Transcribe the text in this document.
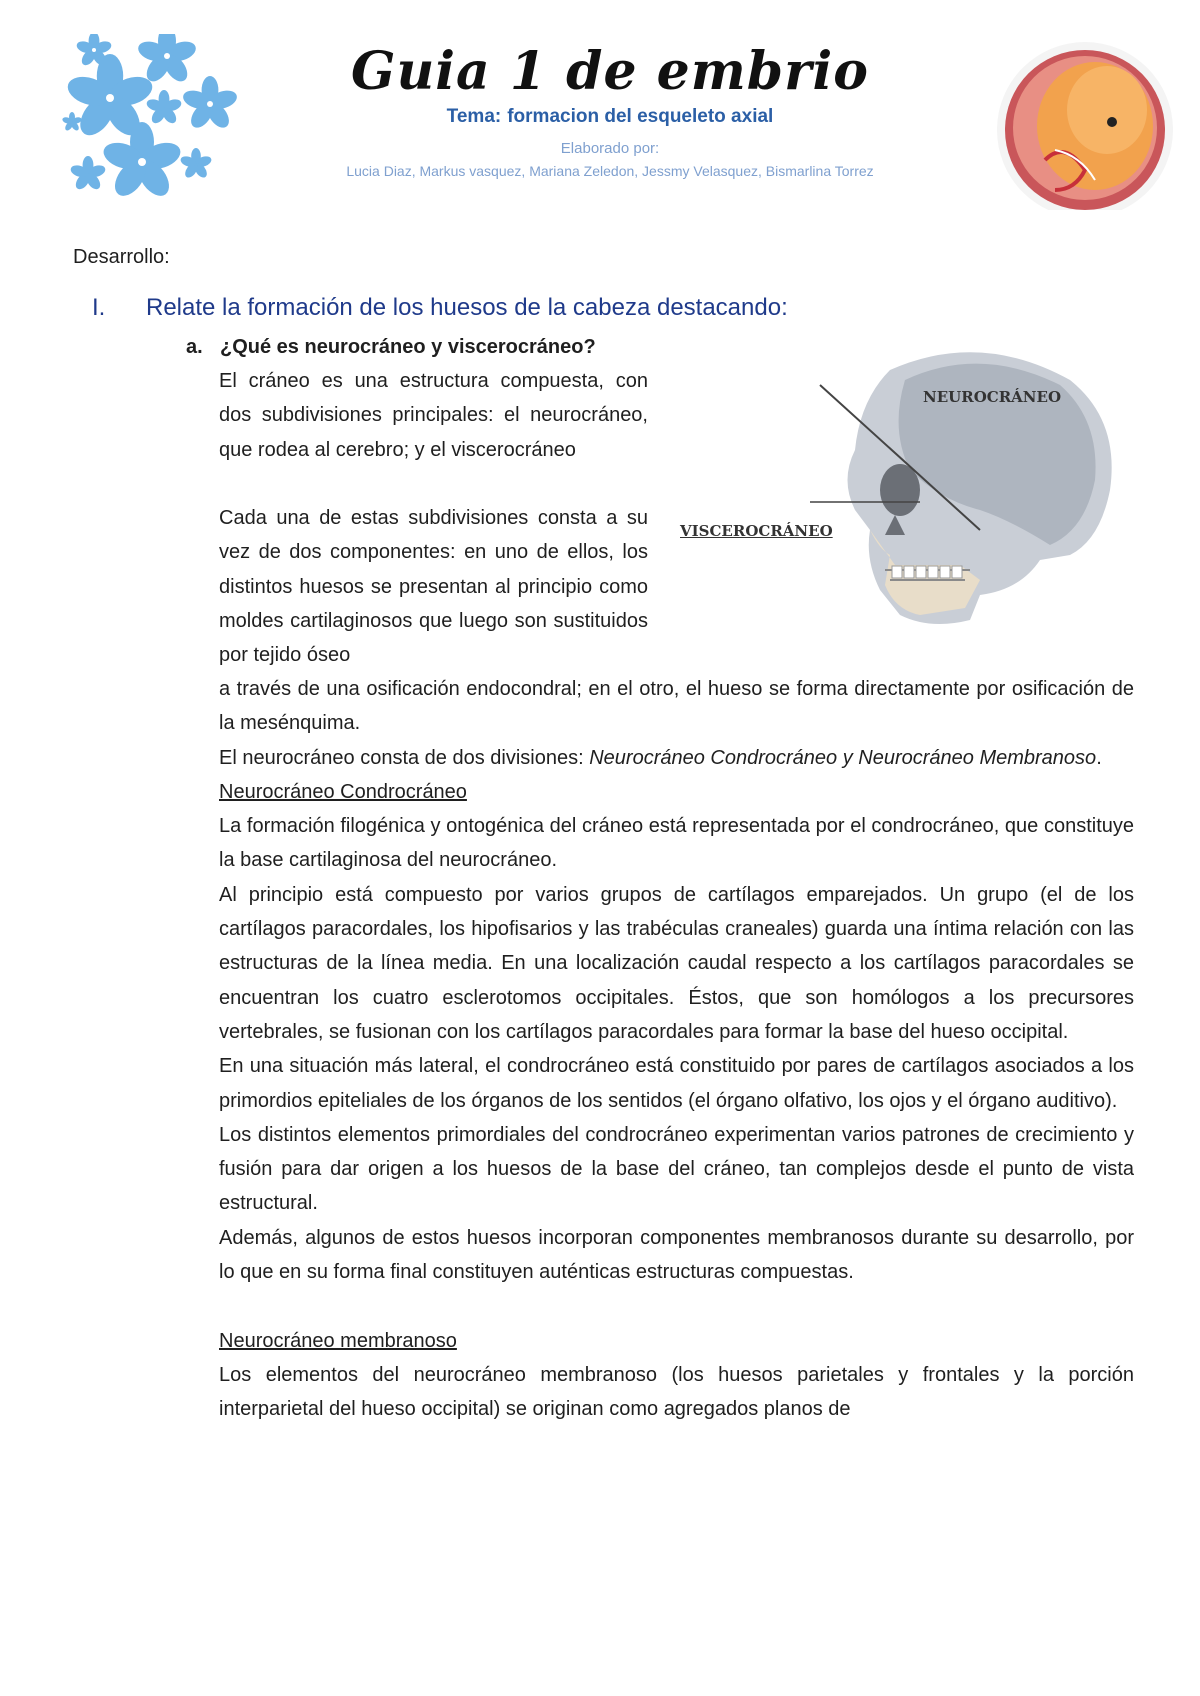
Guia 1 de embrio
Tema: formacion del esqueleto axial
Elaborado por:
Lucia Diaz, Markus vasquez, Mariana Zeledon, Jessmy Velasquez, Bismarlina Torrez
Desarrollo:
I. Relate la formación de los huesos de la cabeza destacando:
a. ¿Qué es neurocráneo y viscerocráneo?

El cráneo es una estructura compuesta, con dos subdivisiones principales: el neurocráneo, que rodea al cerebro; y el viscerocráneo

Cada una de estas subdivisiones consta a su vez de dos componentes: en uno de ellos, los distintos huesos se presentan al principio como moldes cartilaginosos que luego son sustituidos por tejido óseo

NEUROCRÁNEO
VISCEROCRÁNEO

a través de una osificación endocondral; en el otro, el hueso se forma directamente por osificación de la mesénquima.

El neurocráneo consta de dos divisiones: Neurocráneo Condrocráneo y Neurocráneo Membranoso.

Neurocráneo Condrocráneo

La formación filogénica y ontogénica del cráneo está representada por el condrocráneo, que constituye la base cartilaginosa del neurocráneo.

Al principio está compuesto por varios grupos de cartílagos emparejados. Un grupo (el de los cartílagos paracordales, los hipofisarios y las trabéculas craneales) guarda una íntima relación con las estructuras de la línea media. En una localización caudal respecto a los cartílagos paracordales se encuentran los cuatro esclerotomos occipitales. Éstos, que son homólogos a los precursores vertebrales, se fusionan con los cartílagos paracordales para formar la base del hueso occipital.

En una situación más lateral, el condrocráneo está constituido por pares de cartílagos asociados a los primordios epiteliales de los órganos de los sentidos (el órgano olfativo, los ojos y el órgano auditivo).

Los distintos elementos primordiales del condrocráneo experimentan varios patrones de crecimiento y fusión para dar origen a los huesos de la base del cráneo, tan complejos desde el punto de vista estructural.

Además, algunos de estos huesos incorporan componentes membranosos durante su desarrollo, por lo que en su forma final constituyen auténticas estructuras compuestas.

Neurocráneo membranoso

Los elementos del neurocráneo membranoso (los huesos parietales y frontales y la porción interparietal del hueso occipital) se originan como agregados planos de
